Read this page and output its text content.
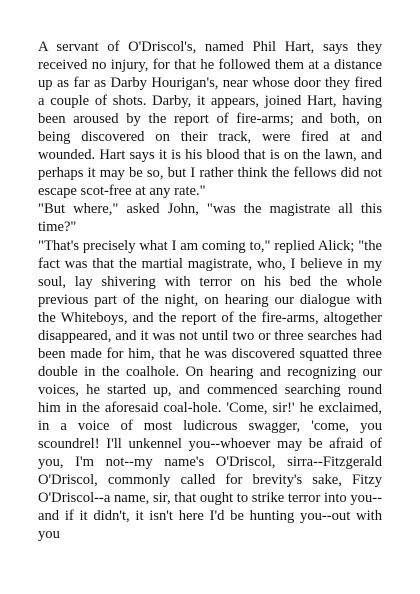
A servant of O'Driscol's, named Phil Hart, says they received no injury, for that he followed them at a distance up as far as Darby Hourigan's, near whose door they fired a couple of shots. Darby, it appears, joined Hart, having been aroused by the report of fire-arms; and both, on being discovered on their track, were fired at and wounded. Hart says it is his blood that is on the lawn, and perhaps it may be so, but I rather think the fellows did not escape scot-free at any rate."

"But where," asked John, "was the magistrate all this time?"

"That's precisely what I am coming to," replied Alick; "the fact was that the martial magistrate, who, I believe in my soul, lay shivering with terror on his bed the whole previous part of the night, on hearing our dialogue with the Whiteboys, and the report of the fire-arms, altogether disappeared, and it was not until two or three searches had been made for him, that he was discovered squatted three double in the coalhole. On hearing and recognizing our voices, he started up, and commenced searching round him in the aforesaid coal-hole. 'Come, sir!' he exclaimed, in a voice of most ludicrous swagger, 'come, you scoundrel! I'll unkennel you--whoever may be afraid of you, I'm not--my name's O'Driscol, sirra--Fitzgerald O'Driscol, commonly called for brevity's sake, Fitzy O'Driscol--a name, sir, that ought to strike terror into you--and if it didn't, it isn't here I'd be hunting you--out with you
